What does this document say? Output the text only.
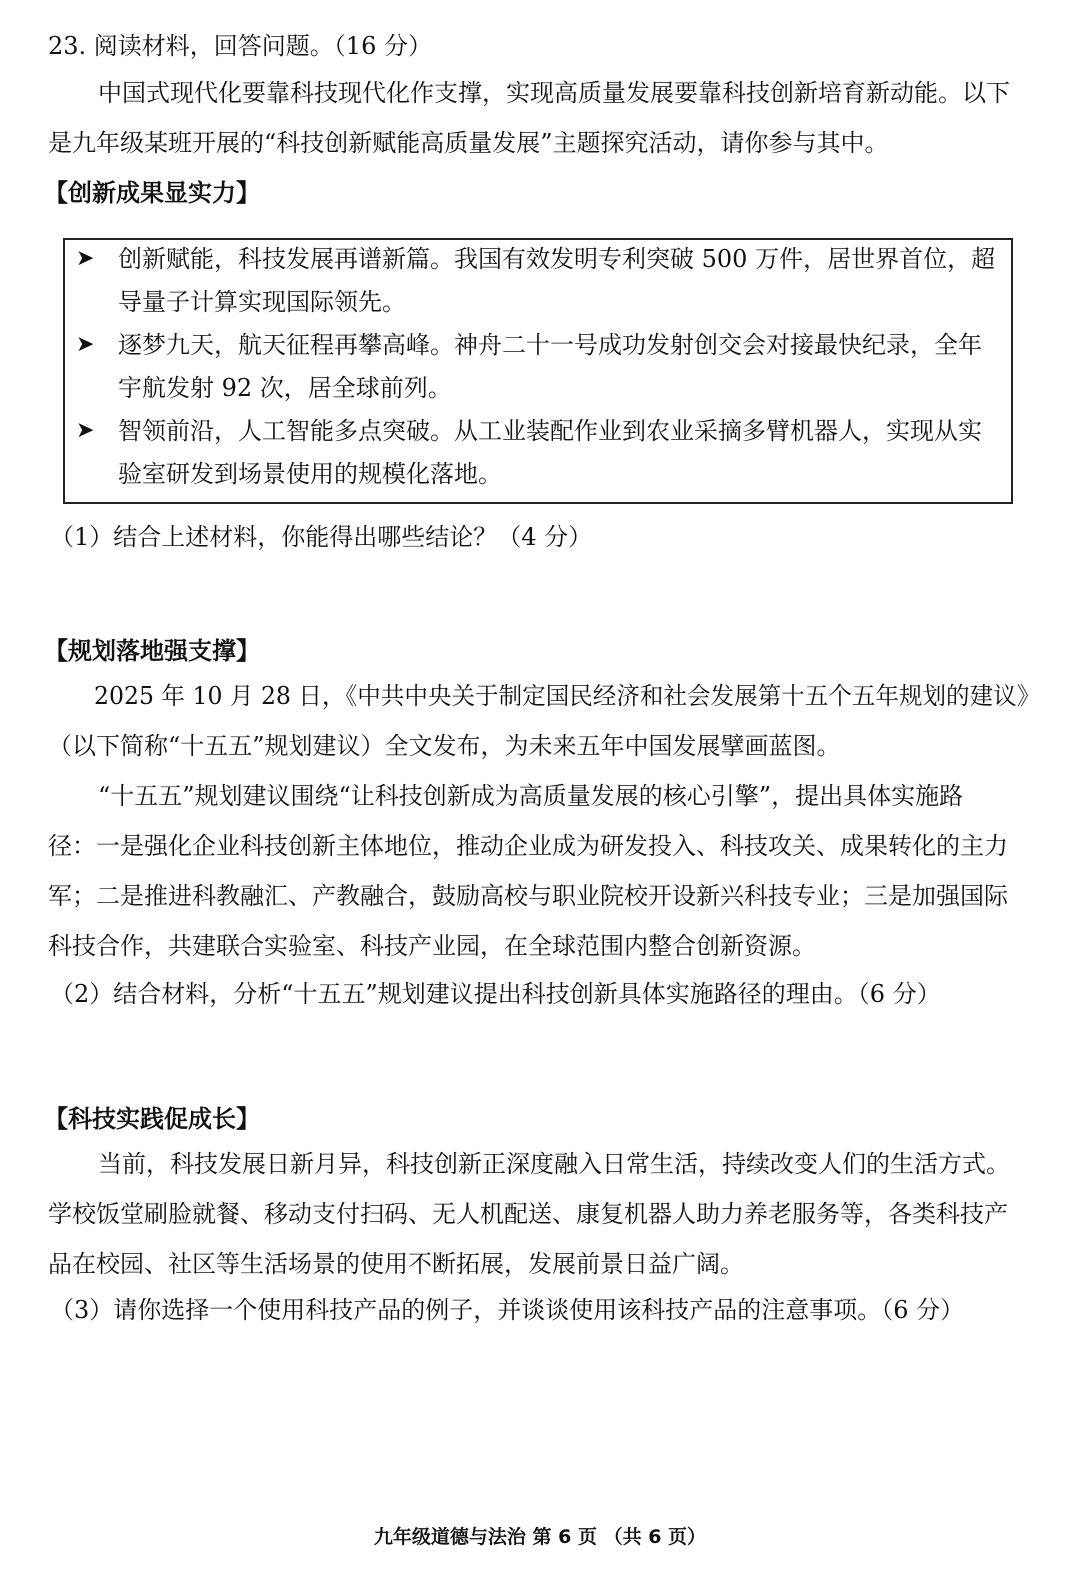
23. 阅读材料，回答问题。（16 分）
中国式现代化要靠科技现代化作支撑，实现高质量发展要靠科技创新培育新动能。以下
是九年级某班开展的“科技创新赋能高质量发展”主题探究活动，请你参与其中。
【创新成果显实力】
➤ 创新赋能，科技发展再谱新篇。我国有效发明专利突破 500 万件，居世界首位，超
导量子计算实现国际领先。
➤ 逐梦九天，航天征程再攀高峰。神舟二十一号成功发射创交会对接最快纪录，全年
宇航发射 92 次，居全球前列。
➤ 智领前沿，人工智能多点突破。从工业装配作业到农业采摘多臂机器人，实现从实
验室研发到场景使用的规模化落地。
（1）结合上述材料，你能得出哪些结论？（4 分）
【规划落地强支撑】
2025 年 10 月 28 日，《中共中央关于制定国民经济和社会发展第十五个五年规划的建议》
（以下简称“十五五”规划建议）全文发布，为未来五年中国发展擘画蓝图。
“十五五”规划建议围绕“让科技创新成为高质量发展的核心引擎”，提出具体实施路
径：一是强化企业科技创新主体地位，推动企业成为研发投入、科技攻关、成果转化的主力
军；二是推进科教融汇、产教融合，鼓励高校与职业院校开设新兴科技专业；三是加强国际
科技合作，共建联合实验室、科技产业园，在全球范围内整合创新资源。
（2）结合材料，分析“十五五”规划建议提出科技创新具体实施路径的理由。（6 分）
【科技实践促成长】
当前，科技发展日新月异，科技创新正深度融入日常生活，持续改变人们的生活方式。
学校饭堂刷脸就餐、移动支付扫码、无人机配送、康复机器人助力养老服务等，各类科技产
品在校园、社区等生活场景的使用不断拓展，发展前景日益广阔。
（3）请你选择一个使用科技产品的例子，并谈谈使用该科技产品的注意事项。（6 分）
九年级道德与法治 第 6 页 （共 6 页）
